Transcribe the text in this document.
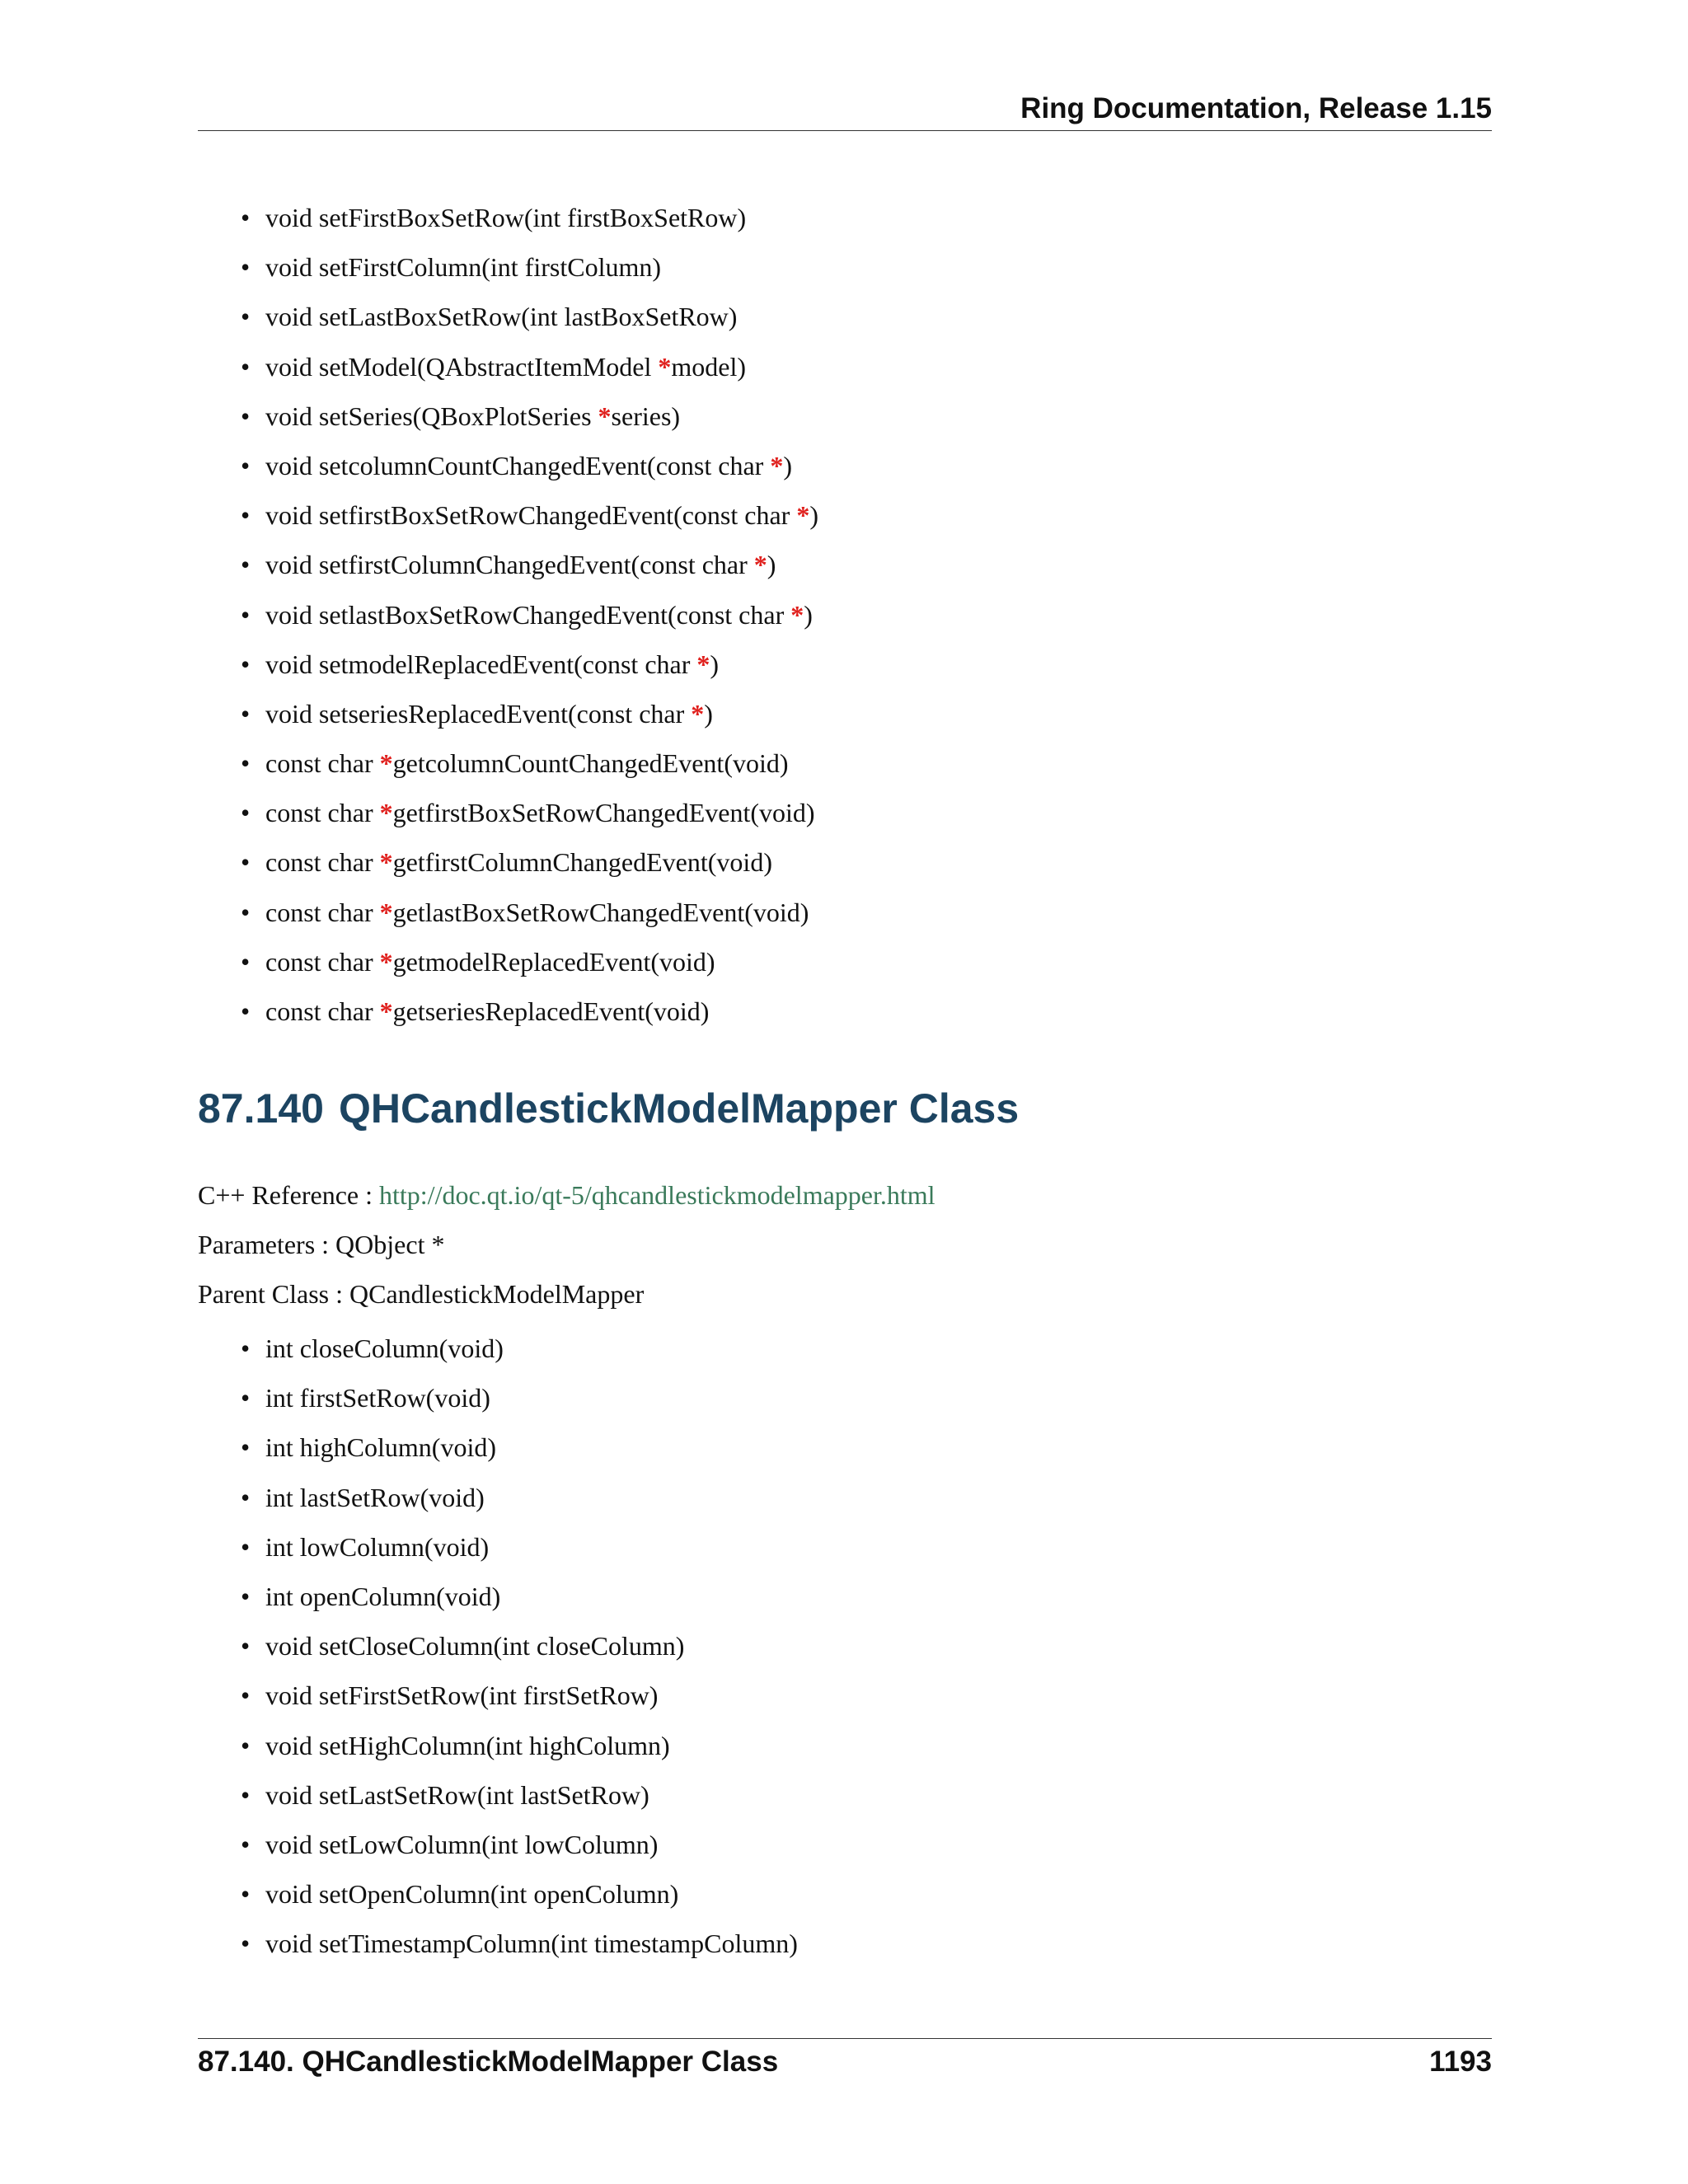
Ring Documentation, Release 1.15
• void setFirstBoxSetRow(int firstBoxSetRow)
• void setFirstColumn(int firstColumn)
• void setLastBoxSetRow(int lastBoxSetRow)
• void setModel(QAbstractItemModel *model)
• void setSeries(QBoxPlotSeries *series)
• void setcolumnCountChangedEvent(const char *)
• void setfirstBoxSetRowChangedEvent(const char *)
• void setfirstColumnChangedEvent(const char *)
• void setlastBoxSetRowChangedEvent(const char *)
• void setmodelReplacedEvent(const char *)
• void setseriesReplacedEvent(const char *)
• const char *getcolumnCountChangedEvent(void)
• const char *getfirstBoxSetRowChangedEvent(void)
• const char *getfirstColumnChangedEvent(void)
• const char *getlastBoxSetRowChangedEvent(void)
• const char *getmodelReplacedEvent(void)
• const char *getseriesReplacedEvent(void)
87.140 QHCandlestickModelMapper Class
C++ Reference : http://doc.qt.io/qt-5/qhcandlestickmodelmapper.html
Parameters : QObject *
Parent Class : QCandlestickModelMapper
• int closeColumn(void)
• int firstSetRow(void)
• int highColumn(void)
• int lastSetRow(void)
• int lowColumn(void)
• int openColumn(void)
• void setCloseColumn(int closeColumn)
• void setFirstSetRow(int firstSetRow)
• void setHighColumn(int highColumn)
• void setLastSetRow(int lastSetRow)
• void setLowColumn(int lowColumn)
• void setOpenColumn(int openColumn)
• void setTimestampColumn(int timestampColumn)
87.140. QHCandlestickModelMapper Class	1193
